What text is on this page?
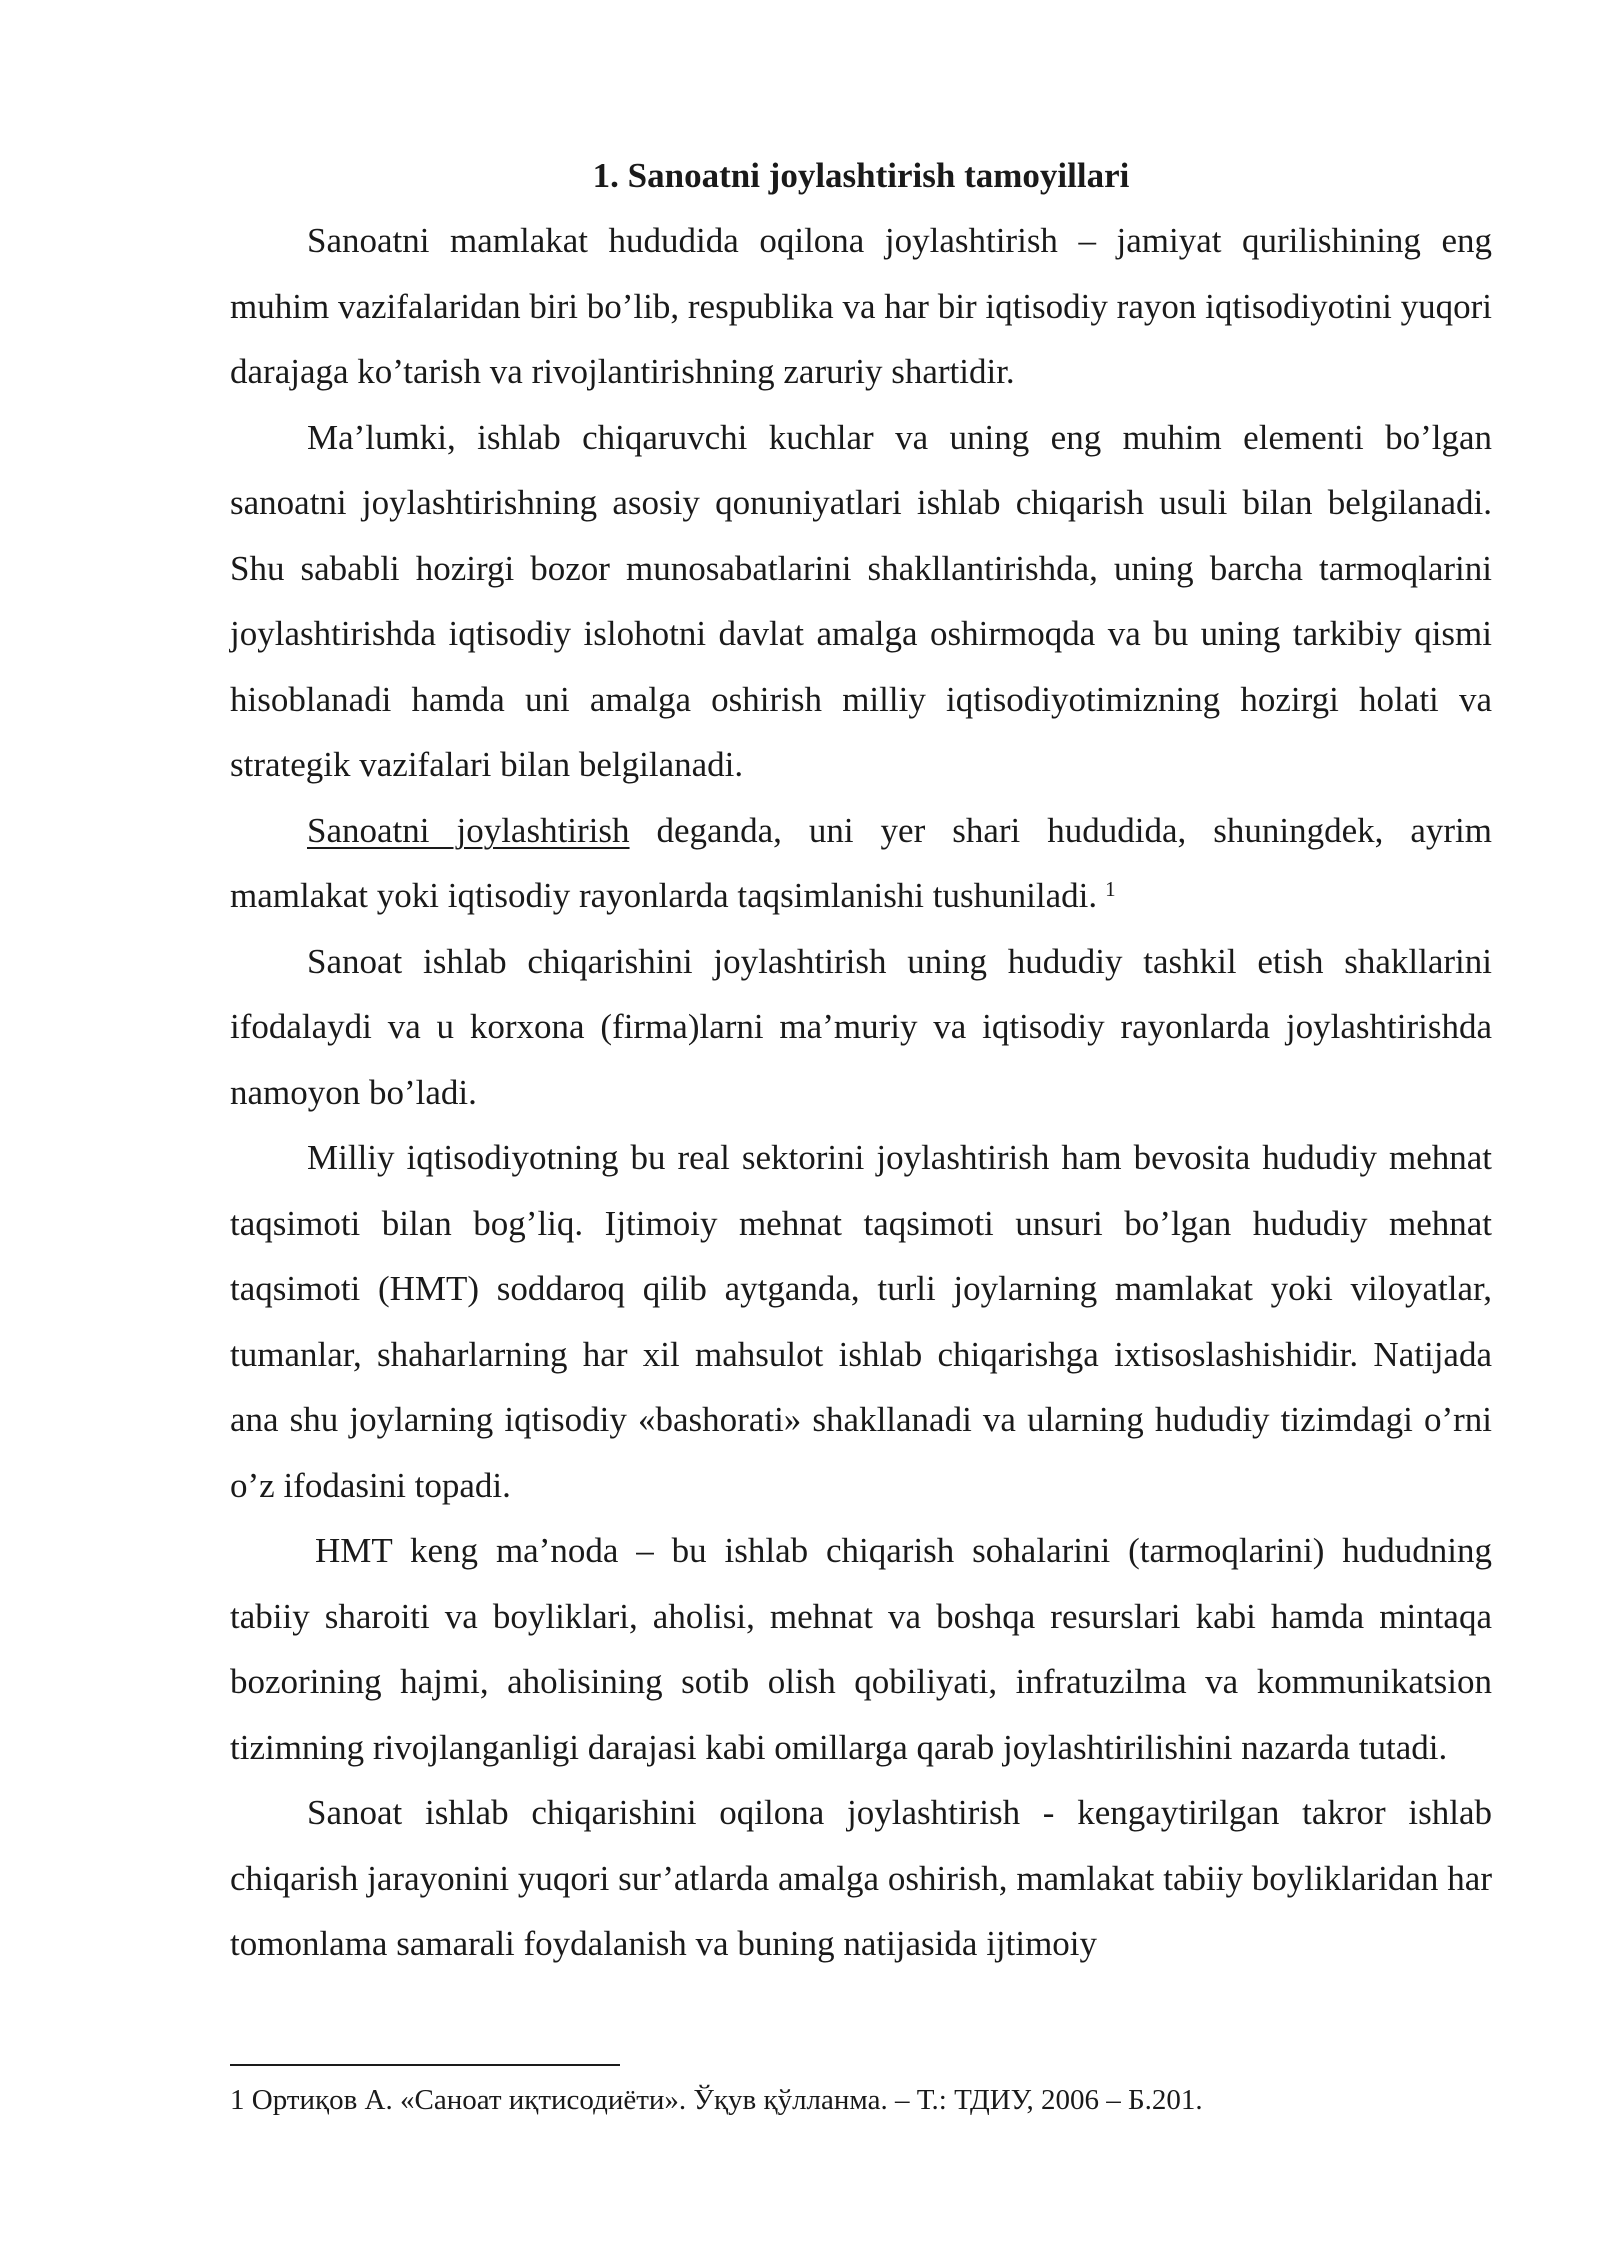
1. Sanoatni joylashtirish tamoyillari

Sanoatni mamlakat hududida oqilona joylashtirish – jamiyat qurilishining eng muhim vazifalaridan biri bo’lib, respublika va har bir iqtisodiy rayon iqtisodiyotini yuqori darajaga ko’tarish va rivojlantirishning zaruriy shartidir.

Ma’lumki, ishlab chiqaruvchi kuchlar va uning eng muhim elementi bo’lgan sanoatni joylashtirishning asosiy qonuniyatlari ishlab chiqarish usuli bilan belgilanadi. Shu sababli hozirgi bozor munosabatlarini shakllantirishda, uning barcha tarmoqlarini joylashtirishda iqtisodiy islohotni davlat amalga oshirmoqda va bu uning tarkibiy qismi hisoblanadi hamda uni amalga oshirish milliy iqtisodiyotimizning hozirgi holati va strategik vazifalari bilan belgilanadi.

Sanoatni joylashtirish deganda, uni yer shari hududida, shuningdek, ayrim mamlakat yoki iqtisodiy rayonlarda taqsimlanishi tushuniladi. $^1$

Sanoat ishlab chiqarishini joylashtirish uning hududiy tashkil etish shakllarini ifodalaydi va u korxona (firma)larni ma’muriy va iqtisodiy rayonlarda joylashtirishda namoyon bo’ladi.

Milliy iqtisodiyotning bu real sektorini joylashtirish ham bevosita hududiy mehnat taqsimoti bilan bog’liq. Ijtimoiy mehnat taqsimoti unsuri bo’lgan hududiy mehnat taqsimoti (HMT) soddaroq qilib aytganda, turli joylarning mamlakat yoki viloyatlar, tumanlar, shaharlarning har xil mahsulot ishlab chiqarishga ixtisoslashishidir. Natijada ana shu joylarning iqtisodiy «bashorati» shakllanadi va ularning hududiy tizimdagi o’rni o’z ifodasini topadi.

HMT keng ma’noda – bu ishlab chiqarish sohalarini (tarmoqlarini) hududning tabiiy sharoiti va boyliklari, aholisi, mehnat va boshqa resurslari kabi hamda mintaqa bozorining hajmi, aholisining sotib olish qobiliyati, infratuzilma va kommunikatsion tizimning rivojlanganligi darajasi kabi omillarga qarab joylashtirilishini nazarda tutadi.

Sanoat ishlab chiqarishini oqilona joylashtirish - kengaytirilgan takror ishlab chiqarish jarayonini yuqori sur’atlarda amalga oshirish, mamlakat tabiiy boyliklaridan har tomonlama samarali foydalanish va buning natijasida ijtimoiy

1 Ортиқов А. «Саноат иқтисодиёти». Ўқув қўлланма. – Т.: ТДИУ, 2006 – Б.201.
